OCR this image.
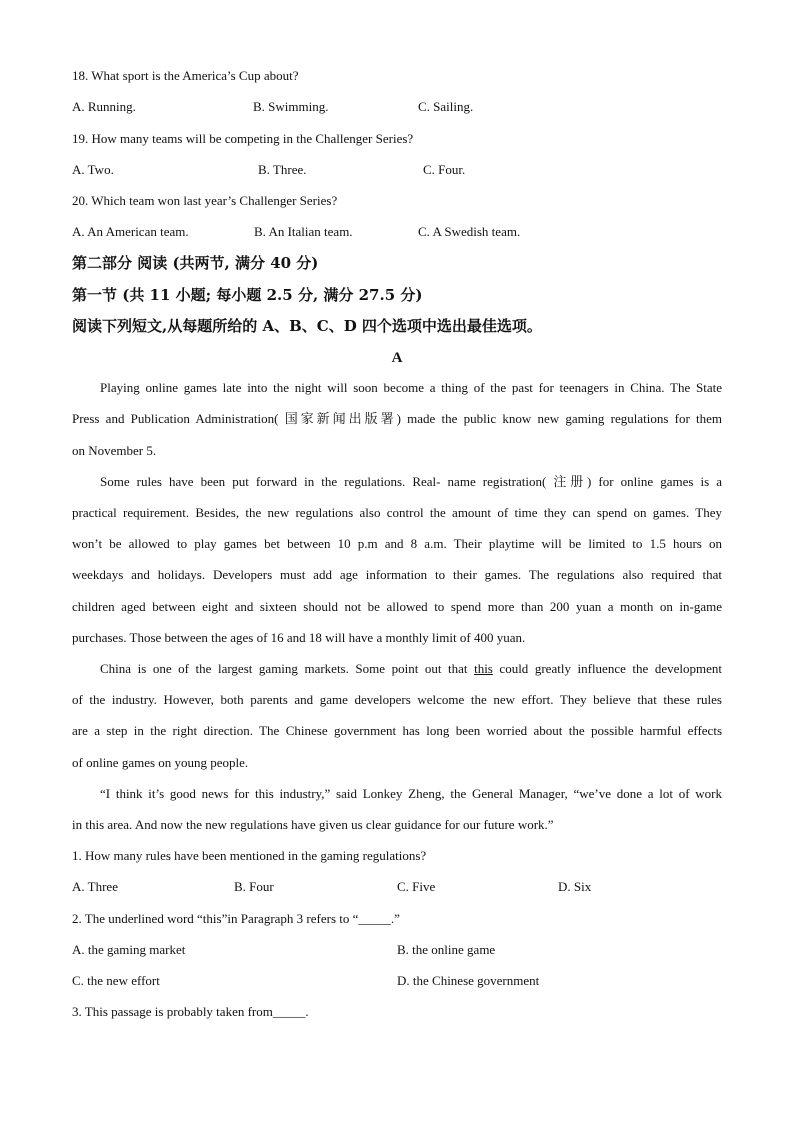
18. What sport is the America’s Cup about?
A. Running.	B. Swimming.	C. Sailing.
19. How many teams will be competing in the Challenger Series?
A. Two.	B. Three.	C. Four.
20. Which team won last year’s Challenger Series?
A. An American team.	B. An Italian team.	C. A Swedish team.
第二部分 阅读 (共两节, 满分 40 分)
第一节 (共 11 小题; 每小题 2.5 分, 满分 27.5 分)
阅读下列短文,从每题所给的 A、B、C、D 四个选项中选出最佳选项。
A
Playing online games late into the night will soon become a thing of the past for teenagers in China. The State
Press and Publication Administration( 国家新闻出版署) made the public know new gaming regulations for them
on November 5.
Some rules have been put forward in the regulations. Real- name registration( 注册) for online games is a
practical requirement. Besides, the new regulations also control the amount of time they can spend on games. They
won’t be allowed to play games bet between 10 p.m and 8 a.m. Their playtime will be limited to 1.5 hours on
weekdays and holidays. Developers must add age information to their games. The regulations also required that
children aged between eight and sixteen should not be allowed to spend more than 200 yuan a month on in-game
purchases. Those between the ages of 16 and 18 will have a monthly limit of 400 yuan.
China is one of the largest gaming markets. Some point out that this could greatly influence the development
of the industry. However, both parents and game developers welcome the new effort. They believe that these rules
are a step in the right direction. The Chinese government has long been worried about the possible harmful effects
of online games on young people.
“I think it’s good news for this industry,” said Lonkey Zheng, the General Manager, “we’ve done a lot of work
in this area. And now the new regulations have given us clear guidance for our future work.”
1. How many rules have been mentioned in the gaming regulations?
A. Three	B. Four	C. Five	D. Six
2. The underlined word “this”in Paragraph 3 refers to “_____.”
A. the gaming market	B. the online game
C. the new effort	D. the Chinese government
3. This passage is probably taken from_____.
